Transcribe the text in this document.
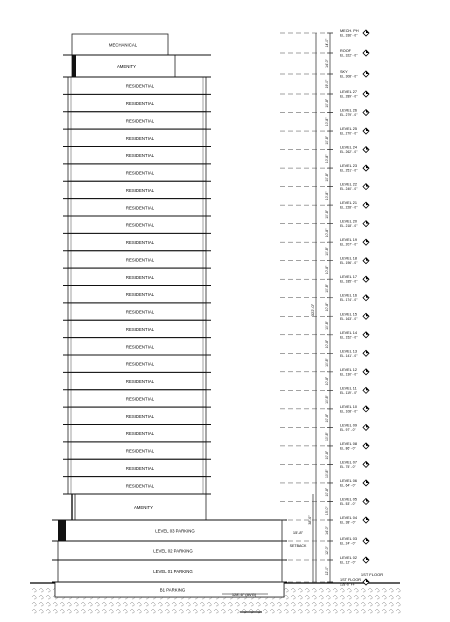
MECHANICAL
AMENITY
RESIDENTIAL
RESIDENTIAL
RESIDENTIAL
RESIDENTIAL
RESIDENTIAL
RESIDENTIAL
RESIDENTIAL
RESIDENTIAL
RESIDENTIAL
RESIDENTIAL
RESIDENTIAL
RESIDENTIAL
RESIDENTIAL
RESIDENTIAL
RESIDENTIAL
RESIDENTIAL
RESIDENTIAL
RESIDENTIAL
RESIDENTIAL
RESIDENTIAL
RESIDENTIAL
RESIDENTIAL
RESIDENTIAL
RESIDENTIAL
AMENITY
LEVEL 03 PARKING
LEVEL 02 PARKING
LEVEL 01 PARKING
B1 PARKING
14'-0"
14'-0"
19'-0"
10'-8"
10'-8"
10'-8"
10'-8"
10'-8"
10'-8"
10'-8"
10'-8"
10'-8"
10'-8"
10'-8"
10'-8"
10'-8"
10'-8"
10'-8"
10'-8"
10'-8"
10'-8"
10'-8"
10'-8"
10'-8"
10'-8"
15'-0"
14'-0"
12'-0"
12'-0"
322'-0"
38'-0"
MECH. PH
EL. 336' - 0"
ROOF
EL. 322' - 0"
SKY
EL. 308' - 0"
LEVEL 27
EL. 289' - 0"
LEVEL 26
EL. 279' - 0"
LEVEL 25
EL. 270' - 0"
LEVEL 24
EL. 262' - 0"
LEVEL 23
EL. 251' - 0"
LEVEL 22
EL. 240' - 0"
LEVEL 21
EL. 228' - 0"
LEVEL 20
EL. 218' - 0"
LEVEL 19
EL. 207' - 0"
LEVEL 18
EL. 196' - 0"
LEVEL 17
EL. 185' - 0"
LEVEL 16
EL. 174' - 0"
LEVEL 15
EL. 163' - 0"
LEVEL 14
EL. 152' - 0"
LEVEL 13
EL. 141' - 0"
LEVEL 12
EL. 130' - 0"
LEVEL 11
EL. 119' - 0"
LEVEL 10
EL. 108' - 0"
LEVEL 09
EL. 97' - 0"
LEVEL 08
EL. 86' - 0"
LEVEL 07
EL. 75' - 0"
LEVEL 06
EL. 64' - 0"
LEVEL 05
EL. 53' - 0"
LEVEL 04
EL. 38' - 0"
LEVEL 03
EL. 24' - 0"
LEVEL 02
EL. 12' - 0"
1ST FLOOR
128'-6" FF
15'-8"
SETBACK
1ST FLOOR
128'-6" (AVG)
